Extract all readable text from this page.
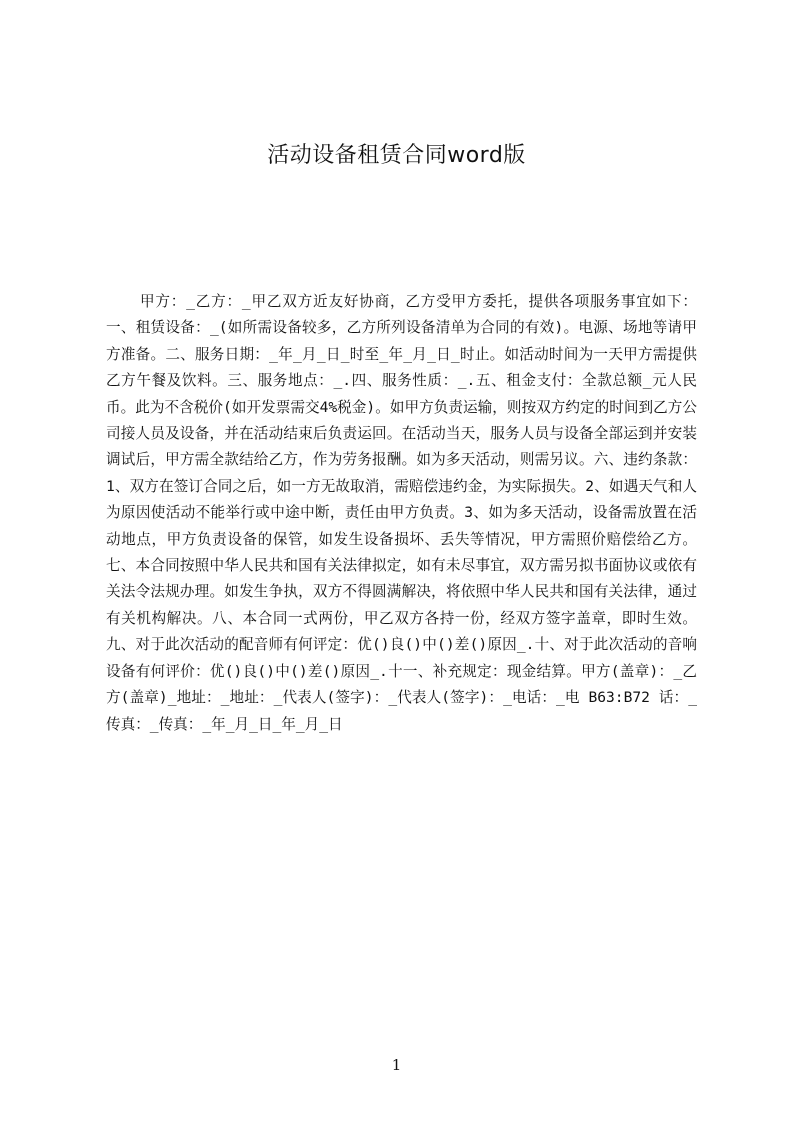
活动设备租赁合同word版
甲方：_乙方：_甲乙双方近友好协商，乙方受甲方委托，提供各项服务事宜如下：一、租赁设备：_(如所需设备较多，乙方所列设备清单为合同的有效)。电源、场地等请甲方准备。二、服务日期：_年_月_日_时至_年_月_日_时止。如活动时间为一天甲方需提供乙方午餐及饮料。三、服务地点：_.四、服务性质：_.五、租金支付：全款总额_元人民币。此为不含税价(如开发票需交4%税金)。如甲方负责运输，则按双方约定的时间到乙方公司接人员及设备，并在活动结束后负责运回。在活动当天，服务人员与设备全部运到并安装调试后，甲方需全款结给乙方，作为劳务报酬。如为多天活动，则需另议。六、违约条款：1、双方在签订合同之后，如一方无故取消，需赔偿违约金，为实际损失。2、如遇天气和人为原因使活动不能举行或中途中断，责任由甲方负责。3、如为多天活动，设备需放置在活动地点，甲方负责设备的保管，如发生设备损坏、丢失等情况，甲方需照价赔偿给乙方。七、本合同按照中华人民共和国有关法律拟定，如有未尽事宜，双方需另拟书面协议或依有关法令法规办理。如发生争执，双方不得圆满解决，将依照中华人民共和国有关法律，通过有关机构解决。八、本合同一式两份，甲乙双方各持一份，经双方签字盖章，即时生效。九、对于此次活动的配音师有何评定：优()良()中()差()原因_.十、对于此次活动的音响设备有何评价：优()良()中()差()原因_.十一、补充规定：现金结算。甲方(盖章)：_乙方(盖章)_地址：_地址：_代表人(签字)：_代表人(签字)：_电话：_电 B63:B72 话：_传真：_传真：_年_月_日_年_月_日
1
